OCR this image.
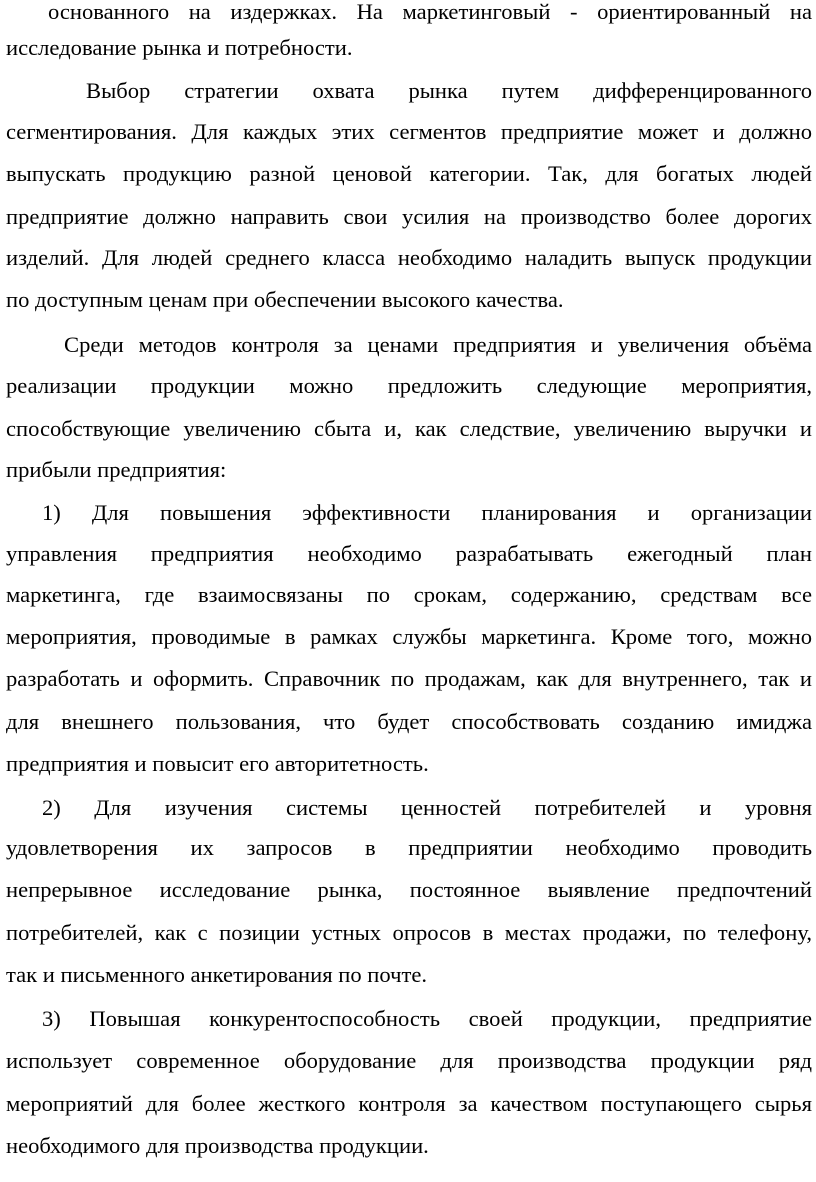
основанного на издержках. На маркетинговый - ориентированный на
исследование рынка и потребности.
Выбор стратегии охвата рынка путем дифференцированного
сегментирования. Для каждых этих сегментов предприятие может и должно
выпускать продукцию разной ценовой категории. Так, для богатых людей
предприятие должно направить свои усилия на производство более дорогих
изделий. Для людей среднего класса необходимо наладить выпуск продукции
по доступным ценам при обеспечении высокого качества.
Среди методов контроля за ценами предприятия и увеличения объёма
реализации продукции можно предложить следующие мероприятия,
способствующие увеличению сбыта и, как следствие, увеличению выручки и
прибыли предприятия:
1) Для повышения эффективности планирования и организации
управления предприятия необходимо разрабатывать ежегодный план
маркетинга, где взаимосвязаны по срокам, содержанию, средствам все
мероприятия, проводимые в рамках службы маркетинга. Кроме того, можно
разработать и оформить. Справочник по продажам, как для внутреннего, так и
для внешнего пользования, что будет способствовать созданию имиджа
предприятия и повысит его авторитетность.
2) Для изучения системы ценностей потребителей и уровня
удовлетворения их запросов в предприятии необходимо проводить
непрерывное исследование рынка, постоянное выявление предпочтений
потребителей, как с позиции устных опросов в местах продажи, по телефону,
так и письменного анкетирования по почте.
3) Повышая конкурентоспособность своей продукции, предприятие
использует современное оборудование для производства продукции ряд
мероприятий для более жесткого контроля за качеством поступающего сырья
необходимого для производства продукции.
